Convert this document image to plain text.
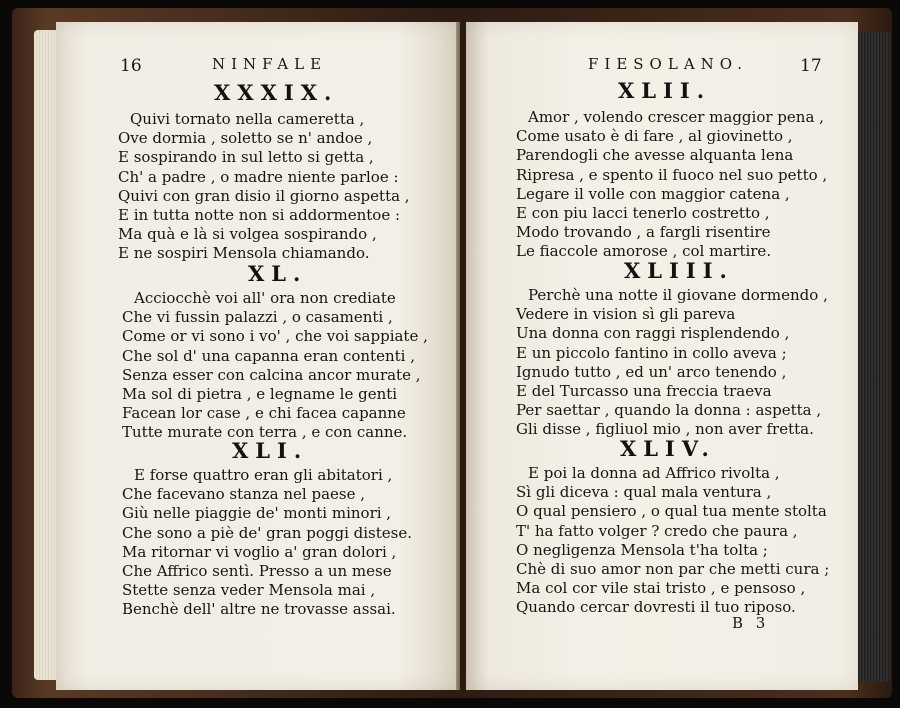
16	NINFALE
XXXIX.
Quivi tornato nella cameretta ,
Ove dormia , soletto se n' andoe ,
E sospirando in sul letto si getta ,
Ch' a padre , o madre niente parloe :
Quivi con gran disio il giorno aspetta ,
E in tutta notte non si addormentoe :
Ma quà e là si volgea sospirando ,
E ne sospiri Mensola chiamando.
XL.
Acciocchè voi all' ora non crediate
Che vi fussin palazzi , o casamenti ,
Come or vi sono i vo' , che voi sappiate ,
Che sol d' una capanna eran contenti ,
Senza esser con calcina ancor murate ,
Ma sol di pietra , e legname le genti
Facean lor case , e chi facea capanne
Tutte murate con terra , e con canne.
XLI.
E forse quattro eran gli abitatori ,
Che facevano stanza nel paese ,
Giù nelle piaggie de' monti minori ,
Che sono a piè de' gran poggi distese.
Ma ritornar vi voglio a' gran dolori ,
Che Affrico sentì. Presso a un mese
Stette senza veder Mensola mai ,
Benchè dell' altre ne trovasse assai.
FIESOLANO.	17
XLII.
Amor , volendo crescer maggior pena ,
Come usato è di fare , al giovinetto ,
Parendogli che avesse alquanta lena
Ripresa , e spento il fuoco nel suo petto ,
Legare il volle con maggior catena ,
E con piu lacci tenerlo costretto ,
Modo trovando , a fargli risentire
Le fiaccole amorose , col martire.
XLIII.
Perchè una notte il giovane dormendo ,
Vedere in vision sì gli pareva
Una donna con raggi risplendendo ,
E un piccolo fantino in collo aveva ;
Ignudo tutto , ed un' arco tenendo ,
E del Turcasso una freccia traeva
Per saettar , quando la donna : aspetta ,
Gli disse , figliuol mio , non aver fretta.
XLIV.
E poi la donna ad Affrico rivolta ,
Sì gli diceva : qual mala ventura ,
O qual pensiero , o qual tua mente stolta
T' ha fatto volger ? credo che paura ,
O negligenza Mensola t'ha tolta ;
Chè di suo amor non par che metti cura ;
Ma col cor vile stai tristo , e pensoso ,
Quando cercar dovresti il tuo riposo.
B 3
